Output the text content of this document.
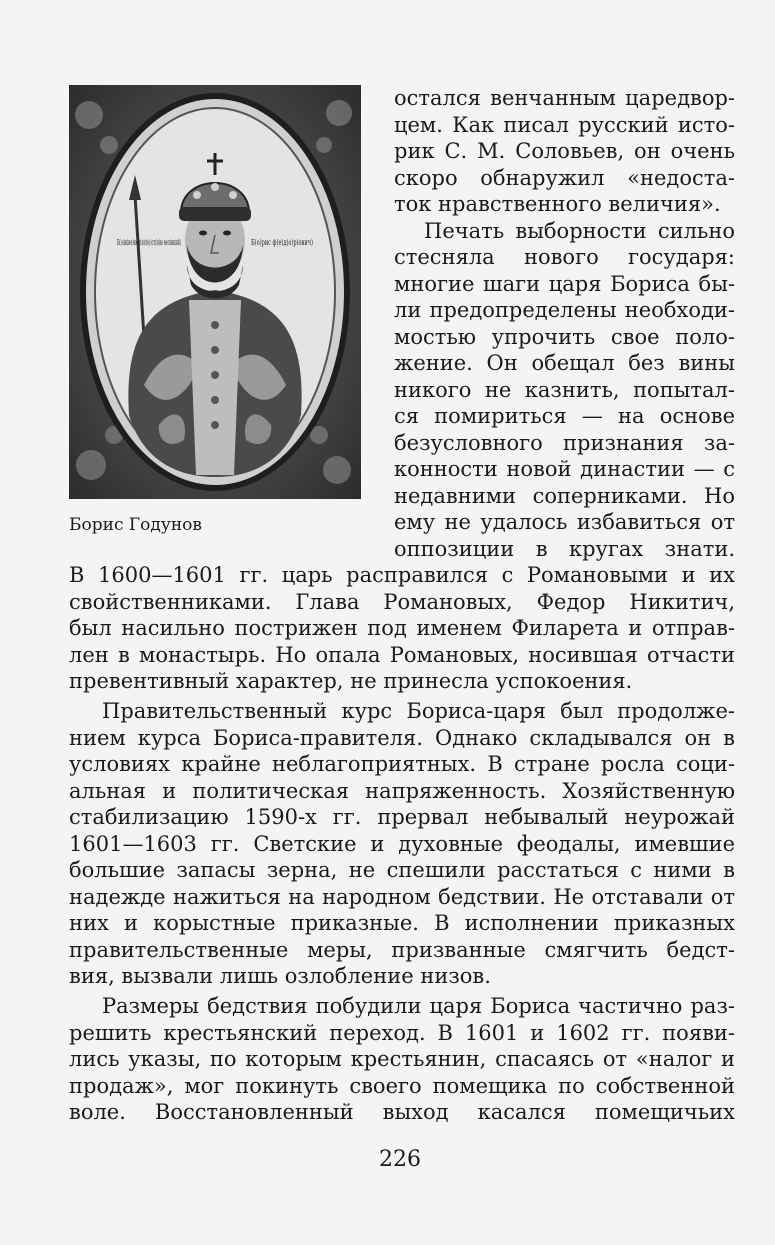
Б(о)ж(ие)ю м(и)л(о)ст(и)ю вел(икий)	Б(о)рис ф(е)д(о)р(ович)
Борис Годунов
остался венчанным царедвор-
цем. Как писал русский исто-
рик С. М. Соловьев, он очень
скоро обнаружил «недоста-
ток нравственного величия».
Печать выборности сильно
стесняла нового государя:
многие шаги царя Бориса бы-
ли предопределены необходи-
мостью упрочить свое поло-
жение. Он обещал без вины
никого не казнить, попытал-
ся помириться — на основе
безусловного признания за-
конности новой династии — с
недавними соперниками. Но
ему не удалось избавиться от
оппозиции в кругах знати.
В 1600—1601 гг. царь расправился с Романовыми и их
свойственниками. Глава Романовых, Федор Никитич,
был насильно пострижен под именем Филарета и отправ-
лен в монастырь. Но опала Романовых, носившая отчасти
превентивный характер, не принесла успокоения.
Правительственный курс Бориса-царя был продолже-
нием курса Бориса-правителя. Однако складывался он в
условиях крайне неблагоприятных. В стране росла соци-
альная и политическая напряженность. Хозяйственную
стабилизацию 1590-х гг. прервал небывалый неурожай
1601—1603 гг. Светские и духовные феодалы, имевшие
большие запасы зерна, не спешили расстаться с ними в
надежде нажиться на народном бедствии. Не отставали от
них и корыстные приказные. В исполнении приказных
правительственные меры, призванные смягчить бедст-
вия, вызвали лишь озлобление низов.
Размеры бедствия побудили царя Бориса частично раз-
решить крестьянский переход. В 1601 и 1602 гг. появи-
лись указы, по которым крестьянин, спасаясь от «налог и
продаж», мог покинуть своего помещика по собственной
воле. Восстановленный выход касался помещичьих
226
